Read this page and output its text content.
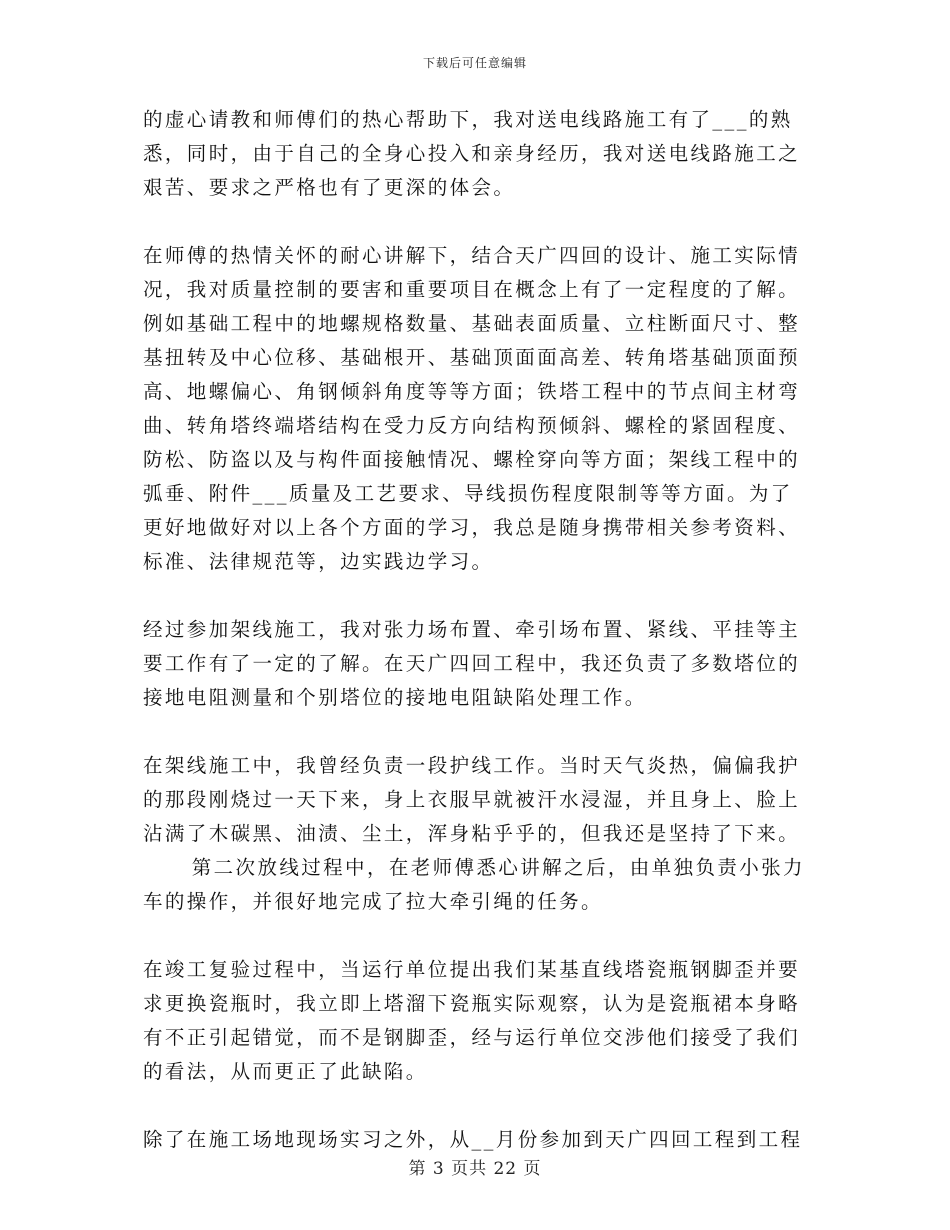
下载后可任意编辑

的虚心请教和师傅们的热心帮助下，我对送电线路施工有了___的熟悉，同时，由于自己的全身心投入和亲身经历，我对送电线路施工之艰苦、要求之严格也有了更深的体会。

在师傅的热情关怀的耐心讲解下，结合天广四回的设计、施工实际情况，我对质量控制的要害和重要项目在概念上有了一定程度的了解。例如基础工程中的地螺规格数量、基础表面质量、立柱断面尺寸、整基扭转及中心位移、基础根开、基础顶面面高差、转角塔基础顶面预高、地螺偏心、角钢倾斜角度等等方面；铁塔工程中的节点间主材弯曲、转角塔终端塔结构在受力反方向结构预倾斜、螺栓的紧固程度、防松、防盗以及与构件面接触情况、螺栓穿向等方面；架线工程中的弧垂、附件___质量及工艺要求、导线损伤程度限制等等方面。为了更好地做好对以上各个方面的学习，我总是随身携带相关参考资料、标准、法律规范等，边实践边学习。

经过参加架线施工，我对张力场布置、牵引场布置、紧线、平挂等主要工作有了一定的了解。在天广四回工程中，我还负责了多数塔位的接地电阻测量和个别塔位的接地电阻缺陷处理工作。

在架线施工中，我曾经负责一段护线工作。当时天气炎热，偏偏我护的那段刚烧过一天下来，身上衣服早就被汗水浸湿，并且身上、脸上沾满了木碳黑、油渍、尘土，浑身粘乎乎的，但我还是坚持了下来。

第二次放线过程中，在老师傅悉心讲解之后，由单独负责小张力车的操作，并很好地完成了拉大牵引绳的任务。

在竣工复验过程中，当运行单位提出我们某基直线塔瓷瓶钢脚歪并要求更换瓷瓶时，我立即上塔溜下瓷瓶实际观察，认为是瓷瓶裙本身略有不正引起错觉，而不是钢脚歪，经与运行单位交涉他们接受了我们的看法，从而更正了此缺陷。

除了在施工场地现场实习之外，从__月份参加到天广四回工程到工程

第 3 页共 22 页
